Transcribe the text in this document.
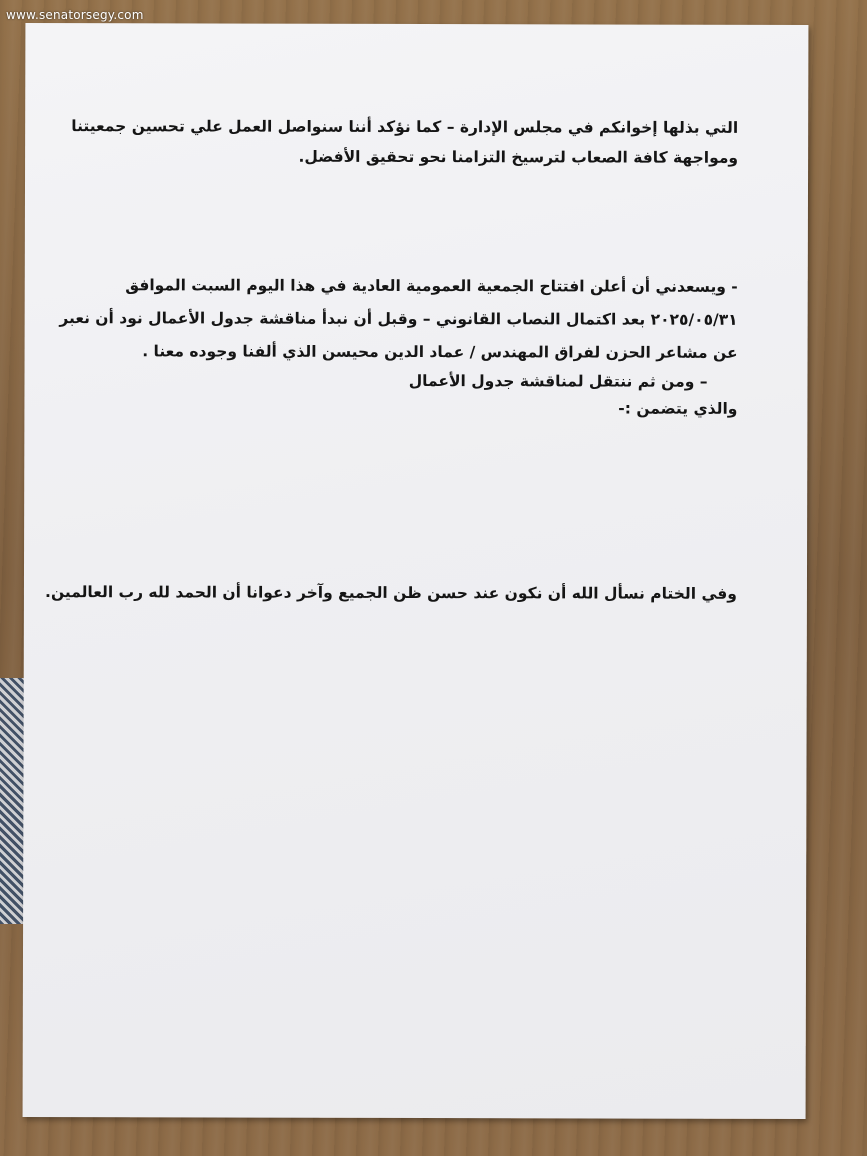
www.senatorsegy.com
التي بذلها إخوانكم في مجلس الإدارة – كما نؤكد أننا سنواصل العمل علي تحسين جمعيتنا
ومواجهة كافة الصعاب لترسيخ التزامنا نحو تحقيق الأفضل.
- ويسعدني أن أعلن افتتاح الجمعية العمومية العادية في هذا اليوم السبت الموافق
٢٠٢٥/٠٥/٣١ بعد اكتمال النصاب القانوني – وقبل أن نبدأ مناقشة جدول الأعمال نود أن نعبر
عن مشاعر الحزن لفراق المهندس / عماد الدين محيسن الذي ألفنا وجوده معنا .
– ومن ثم ننتقل لمناقشة جدول الأعمال
والذي يتضمن :-
وفي الختام نسأل الله أن نكون عند حسن ظن الجميع وآخر دعوانا أن الحمد لله رب العالمين.
